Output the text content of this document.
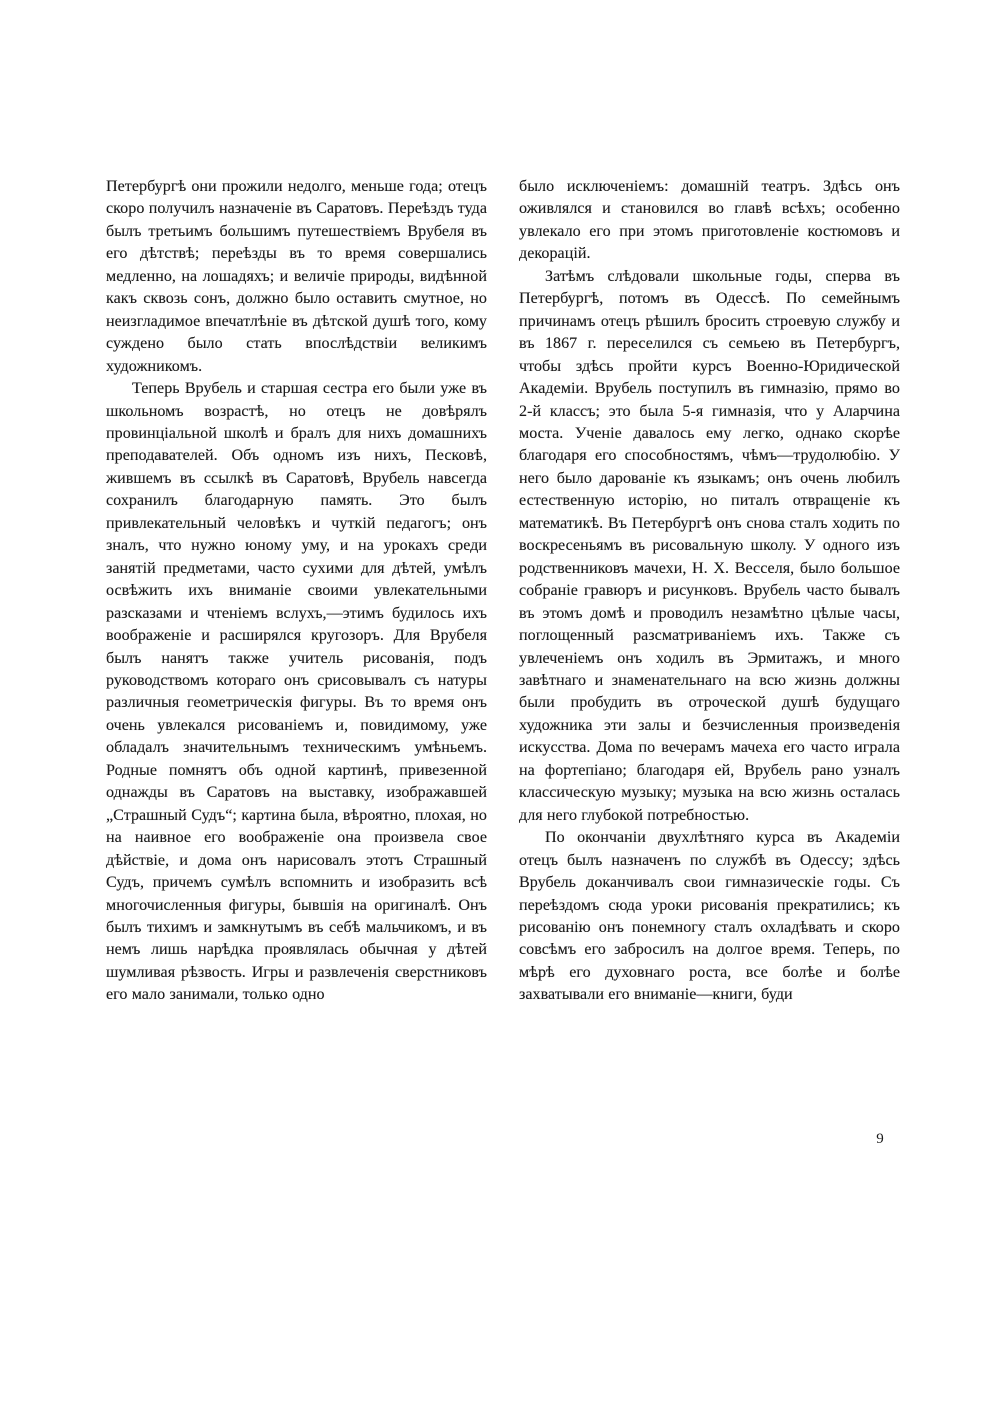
Петербургѣ они прожили недолго, меньше года; отецъ скоро получилъ назначеніе въ Саратовъ. Переѣздъ туда былъ третьимъ большимъ путешествіемъ Врубеля въ его дѣтствѣ; переѣзды въ то время совершались медленно, на лошадяхъ; и величіе природы, видѣнной какъ сквозь сонъ, должно было оставить смутное, но неизгладимое впечатлѣніе въ дѣтской душѣ того, кому суждено было стать впослѣдствіи великимъ художникомъ.

Теперь Врубель и старшая сестра его были уже въ школьномъ возрастѣ, но отецъ не довѣрялъ провинціальной школѣ и бралъ для нихъ домашнихъ преподавателей. Объ одномъ изъ нихъ, Песковѣ, жившемъ въ ссылкѣ въ Саратовѣ, Врубель навсегда сохранилъ благодарную память. Это былъ привлекательный человѣкъ и чуткій педагогъ; онъ зналъ, что нужно юному уму, и на урокахъ среди занятій предметами, часто сухими для дѣтей, умѣлъ освѣжить ихъ вниманіе своими увлекательными разсказами и чтеніемъ вслухъ,—этимъ будилось ихъ воображеніе и расширялся кругозоръ. Для Врубеля былъ нанятъ также учитель рисованія, подъ руководствомъ котораго онъ срисовывалъ съ натуры различныя геометрическія фигуры. Въ то время онъ очень увлекался рисованіемъ и, повидимому, уже обладалъ значительнымъ техническимъ умѣньемъ. Родные помнятъ объ одной картинѣ, привезенной однажды въ Саратовъ на выставку, изображавшей „Страшный Судъ“; картина была, вѣроятно, плохая, но на наивное его воображеніе она произвела свое дѣйствіе, и дома онъ нарисовалъ этотъ Страшный Судъ, причемъ сумѣлъ вспомнить и изобразить всѣ многочисленныя фигуры, бывшія на оригиналѣ. Онъ былъ тихимъ и замкнутымъ въ себѣ мальчикомъ, и въ немъ лишь нарѣдка проявлялась обычная у дѣтей шумливая рѣзвость. Игры и развлеченія сверстниковъ его мало занимали, только одно

было исключеніемъ: домашній театръ. Здѣсь онъ оживлялся и становился во главѣ всѣхъ; особенно увлекало его при этомъ приготовленіе костюмовъ и декорацій.

Затѣмъ слѣдовали школьные годы, сперва въ Петербургѣ, потомъ въ Одессѣ. По семейнымъ причинамъ отецъ рѣшилъ бросить строевую службу и въ 1867 г. переселился съ семьею въ Петербургъ, чтобы здѣсь пройти курсъ Военно-Юридической Академіи. Врубель поступилъ въ гимназію, прямо во 2-й классъ; это была 5-я гимназія, что у Аларчина моста. Ученіе давалось ему легко, однако скорѣе благодаря его способностямъ, чѣмъ—трудолюбію. У него было дарованіе къ языкамъ; онъ очень любилъ естественную исторію, но питалъ отвращеніе къ математикѣ. Въ Петербургѣ онъ снова сталъ ходить по воскресеньямъ въ рисовальную школу. У одного изъ родственниковъ мачехи, Н. Х. Весселя, было большое собраніе гравюръ и рисунковъ. Врубель часто бывалъ въ этомъ домѣ и проводилъ незамѣтно цѣлые часы, поглощенный разсматриваніемъ ихъ. Также съ увлеченіемъ онъ ходилъ въ Эрмитажъ, и много завѣтнаго и знаменательнаго на всю жизнь должны были пробудить въ отроческой душѣ будущаго художника эти залы и безчисленныя произведенія искусства. Дома по вечерамъ мачеха его часто играла на фортепіано; благодаря ей, Врубель рано узналъ классическую музыку; музыка на всю жизнь осталась для него глубокой потребностью.

По окончаніи двухлѣтняго курса въ Академіи отецъ былъ назначенъ по службѣ въ Одессу; здѣсь Врубель доканчивалъ свои гимназическіе годы. Съ переѣздомъ сюда уроки рисованія прекратились; къ рисованію онъ понемногу сталъ охладѣвать и скоро совсѣмъ его забросилъ на долгое время. Теперь, по мѣрѣ его духовнаго роста, все болѣе и болѣе захватывали его вниманіе—книги, буди

9
